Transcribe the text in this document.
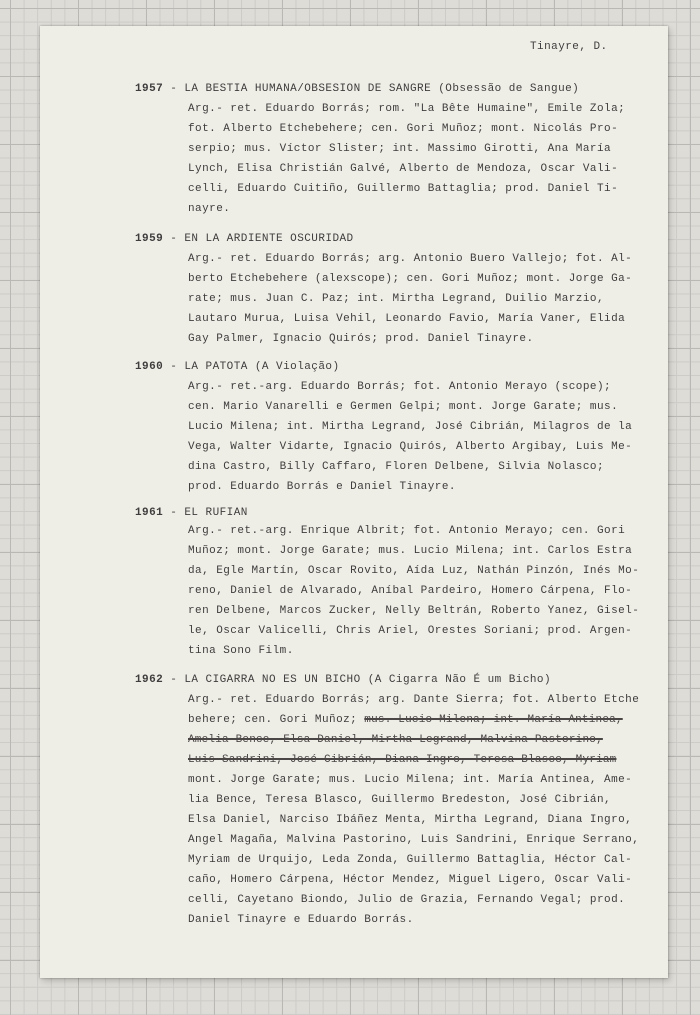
Tinayre, D.
1957 - LA BESTIA HUMANA/OBSESION DE SANGRE (Obsessão de Sangue)

Arg.- ret. Eduardo Borrás; rom. "La Bête Humaine", Emile Zola;

fot. Alberto Etchebehere; cen. Gori Muñoz; mont. Nicolás Pro-

serpio; mus. Víctor Slister; int. Massimo Girotti, Ana María

Lynch, Elisa Christián Galvé, Alberto de Mendoza, Oscar Vali-

celli, Eduardo Cuitiño, Guillermo Battaglia; prod. Daniel Ti-

nayre.

1959 - EN LA ARDIENTE OSCURIDAD

Arg.- ret. Eduardo Borrás; arg. Antonio Buero Vallejo; fot. Al-

berto Etchebehere (alexscope); cen. Gori Muñoz; mont. Jorge Ga-

rate; mus. Juan C. Paz; int. Mirtha Legrand, Duilio Marzio,

Lautaro Murua, Luisa Vehil, Leonardo Favio, María Vaner, Elida

Gay Palmer, Ignacio Quirós; prod. Daniel Tinayre.

1960 - LA PATOTA (A Violação)

Arg.- ret.-arg. Eduardo Borrás; fot. Antonio Merayo (scope);

cen. Mario Vanarelli e Germen Gelpi; mont. Jorge Garate; mus.

Lucio Milena; int. Mirtha Legrand, José Cibrián, Milagros de la

Vega, Walter Vidarte, Ignacio Quirós, Alberto Argibay, Luis Me-

dina Castro, Billy Caffaro, Floren Delbene, Silvia Nolasco;

prod. Eduardo Borrás e Daniel Tinayre.

1961 - EL RUFIAN

Arg.- ret.-arg. Enrique Albrit; fot. Antonio Merayo; cen. Gori

Muñoz; mont. Jorge Garate; mus. Lucio Milena; int. Carlos Estra

da, Egle Martín, Oscar Rovito, Aída Luz, Nathán Pinzón, Inés Mo-

reno, Daniel de Alvarado, Aníbal Pardeiro, Homero Cárpena, Flo-

ren Delbene, Marcos Zucker, Nelly Beltrán, Roberto Yanez, Gisel-

le, Oscar Valicelli, Chris Ariel, Orestes Soriani; prod. Argen-

tina Sono Film.

1962 - LA CIGARRA NO ES UN BICHO (A Cigarra Não É um Bicho)

Arg.- ret. Eduardo Borrás; arg. Dante Sierra; fot. Alberto Etche

behere; cen. Gori Muñoz; mus. Lucio Milena; int. María Antinea,

Amelia Bence, Elsa Daniel, Mirtha Legrand, Malvina Pastorino,

Luis Sandrini, José Cibrián, Diana Ingro, Teresa Blasco, Myriam

mont. Jorge Garate; mus. Lucio Milena; int. María Antinea, Ame-

lia Bence, Teresa Blasco, Guillermo Bredeston, José Cibrián,

Elsa Daniel, Narciso Ibáñez Menta, Mirtha Legrand, Diana Ingro,

Angel Magaña, Malvina Pastorino, Luis Sandrini, Enrique Serrano,

Myriam de Urquijo, Leda Zonda, Guillermo Battaglia, Héctor Cal-

caño, Homero Cárpena, Héctor Mendez, Miguel Ligero, Oscar Vali-

celli, Cayetano Biondo, Julio de Grazia, Fernando Vegal; prod.

Daniel Tinayre e Eduardo Borrás.
